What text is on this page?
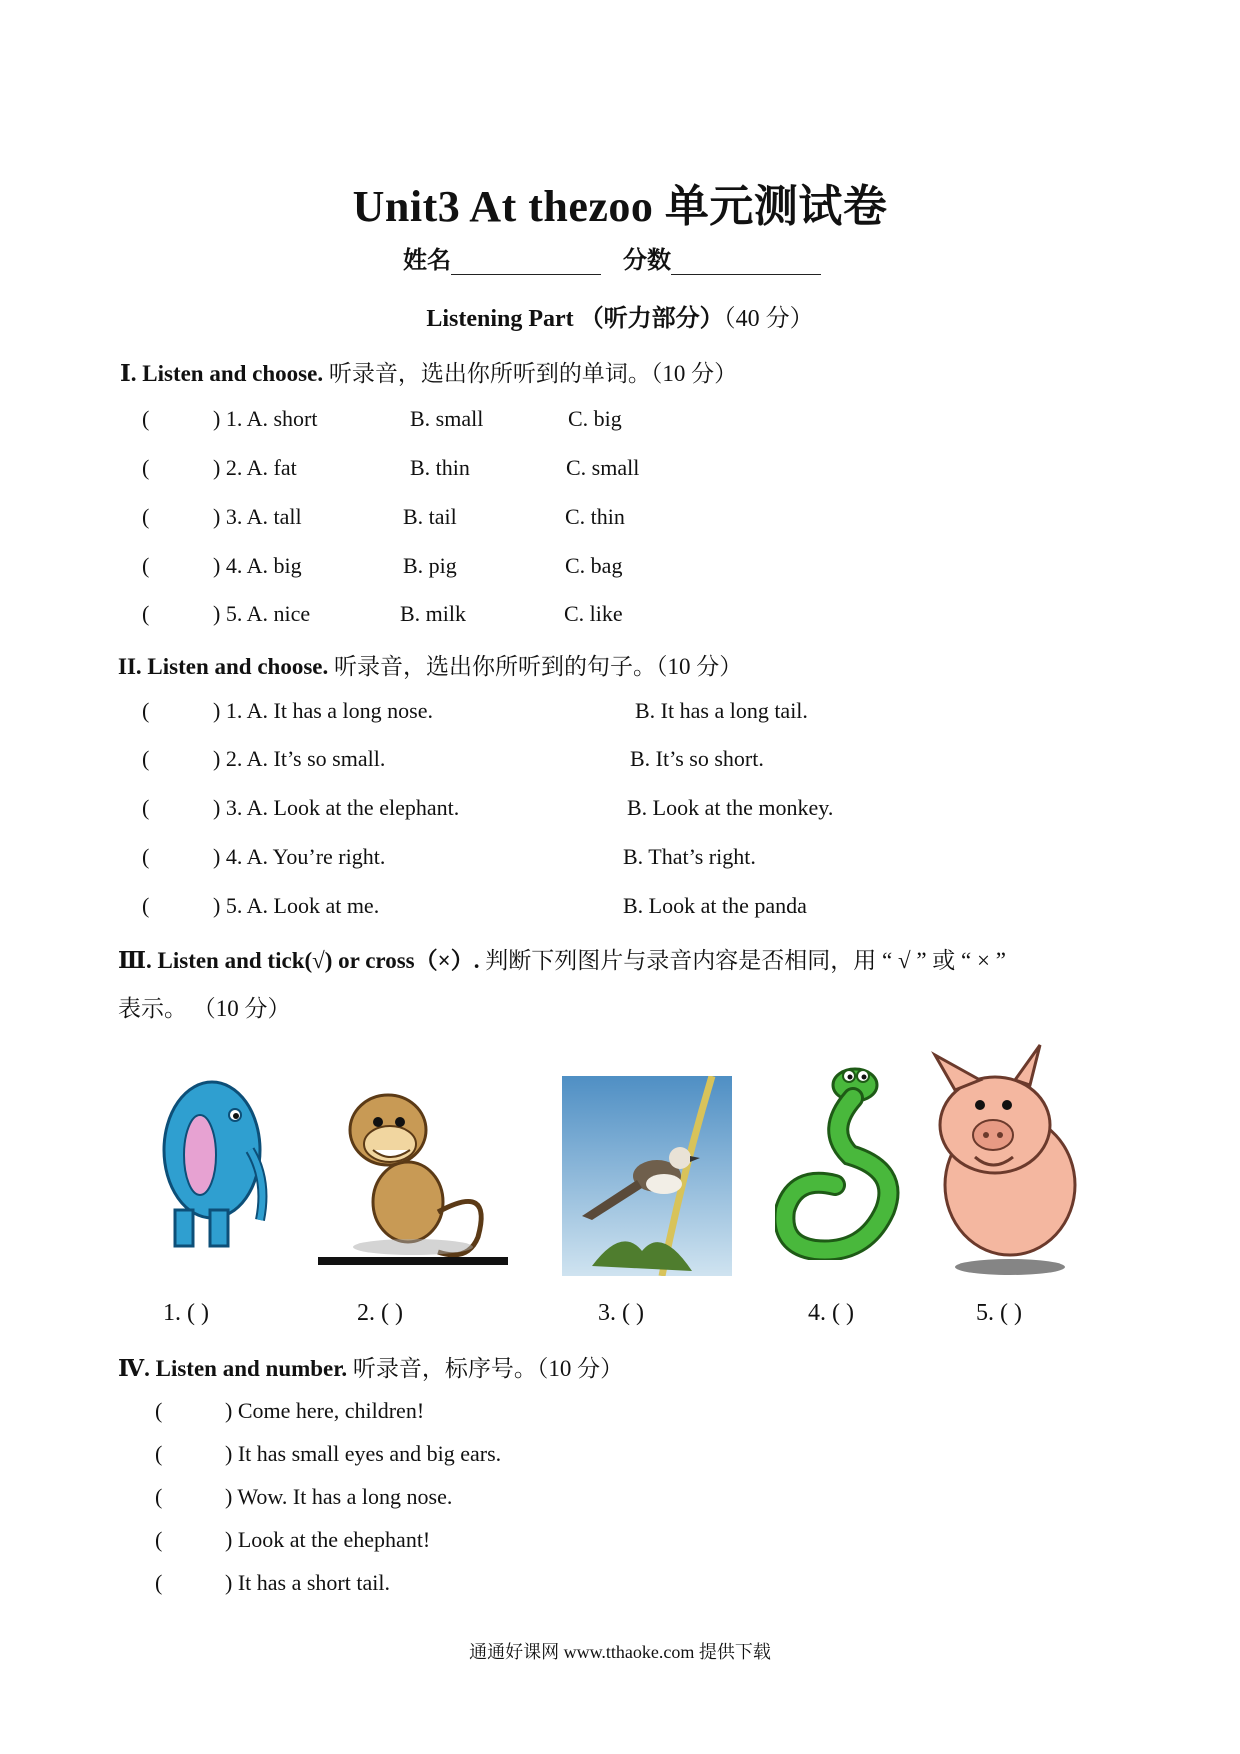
Unit3 At thezoo 单元测试卷
姓名	分数
Listening Part （听力部分）（40 分）
Ⅰ. Listen and choose. 听录音，选出你所听到的单词。（10 分）
(	) 1. A. short	B. small	C. big
(	) 2. A. fat	B. thin	C. small
(	) 3. A. tall	B. tail	C. thin
(	) 4. A. big	B. pig	C. bag
(	) 5. A. nice	B. milk	C. like
II. Listen and choose. 听录音，选出你所听到的句子。（10 分）
(	) 1. A. It has a long nose.	B. It has a long tail.
(	) 2. A. It’s so small.	B. It’s so short.
(	) 3. A. Look at the elephant.	B. Look at the monkey.
(	) 4. A. You’re right.	B. That’s right.
(	) 5. A. Look at me.	B. Look at the panda
Ⅲ. Listen and tick(√) or cross（×）. 判断下列图片与录音内容是否相同，用 “ √ ” 或 “ × ”
表示。 （10 分）
1. ( )	2. ( )	3. ( )	4. ( )	5. ( )
Ⅳ. Listen and number. 听录音，标序号。（10 分）
(	) Come here, children!
(	) It has small eyes and big ears.
(	) Wow. It has a long nose.
(	) Look at the ehephant!
(	) It has a short tail.
通通好课网 www.tthaoke.com 提供下载
